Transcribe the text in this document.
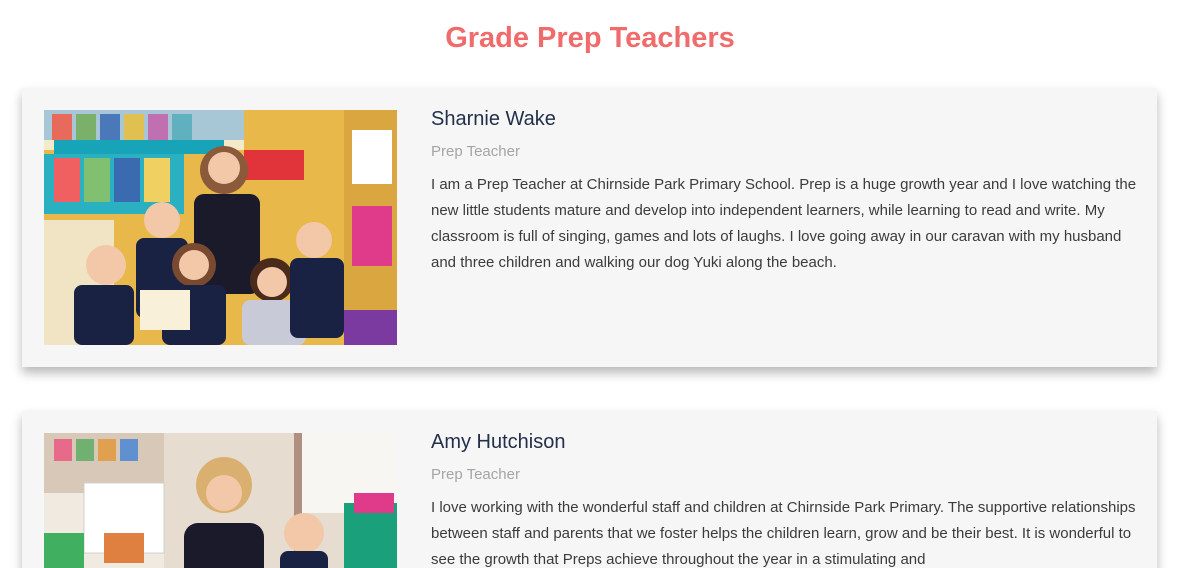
Grade Prep Teachers
Sharnie Wake
Prep Teacher

I am a Prep Teacher at Chirnside Park Primary School. Prep is a huge growth year and I love watching the new little students mature and develop into independent learners, while learning to read and write. My classroom is full of singing, games and lots of laughs. I love going away in our caravan with my husband and three children and walking our dog Yuki along the beach.

Amy Hutchison
Prep Teacher

I love working with the wonderful staff and children at Chirnside Park Primary. The supportive relationships between staff and parents that we foster helps the children learn, grow and be their best. It is wonderful to see the growth that Preps achieve throughout the year in a stimulating and
